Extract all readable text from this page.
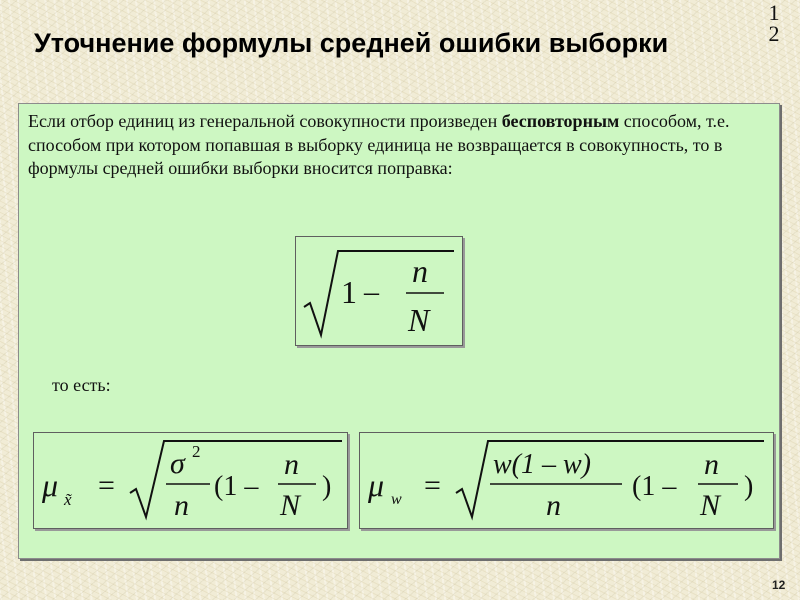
1
2
Уточнение формулы средней ошибки выборки

Если отбор единиц из генеральной совокупности произведен бесповторным способом, т.е. способом при котором попавшая в выборку единица не возвращается в совокупность, то в формулы средней ошибки выборки вносится поправка:

1 –
n
N

то есть:

μ x̃ =
σ 2
n
(1 –
n
N
) μ w =
w(1 – w)
n
(1 –
n
N
)
12
